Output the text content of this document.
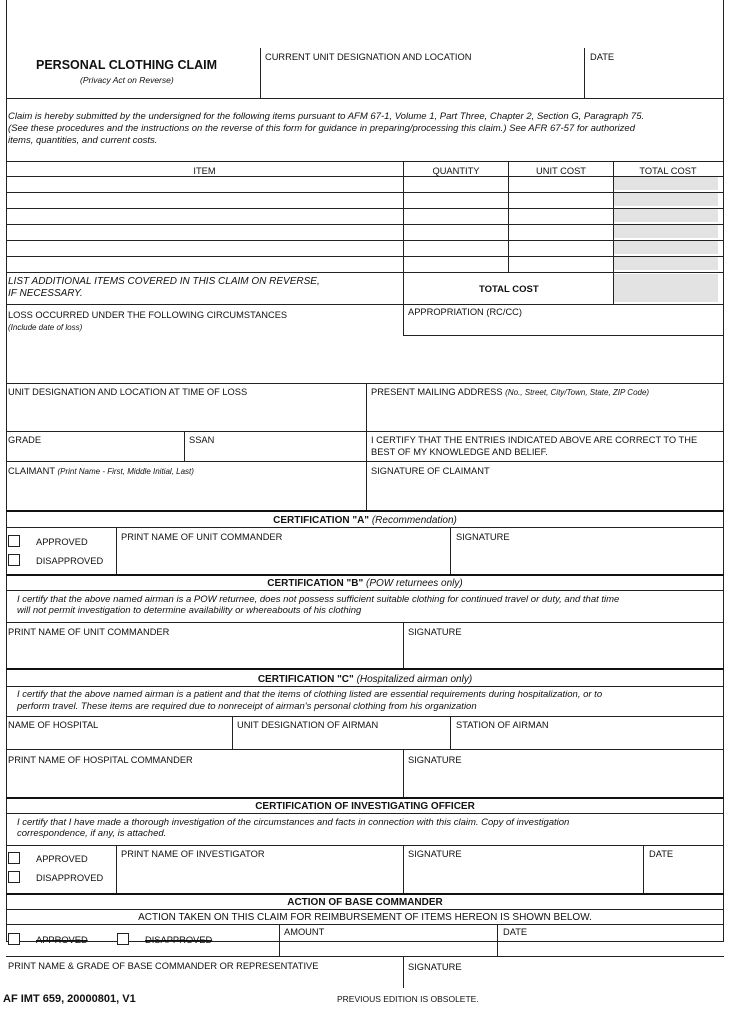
PERSONAL CLOTHING CLAIM
(Privacy Act on Reverse)
CURRENT UNIT DESIGNATION AND LOCATION	DATE
Claim is hereby submitted by the undersigned for the following items pursuant to AFM 67-1, Volume 1, Part Three, Chapter 2, Section G, Paragraph 75.
(See these procedures and the instructions on the reverse of this form for guidance in preparing/processing this claim.) See AFR 67-57 for authorized
items, quantities, and current costs.
ITEM	QUANTITY	UNIT COST	TOTAL COST
LIST ADDITIONAL ITEMS COVERED IN THIS CLAIM ON REVERSE,
IF NECESSARY.	TOTAL COST
LOSS OCCURRED UNDER THE FOLLOWING CIRCUMSTANCES
(Include date of loss)
APPROPRIATION (RC/CC)
UNIT DESIGNATION AND LOCATION AT TIME OF LOSS	PRESENT MAILING ADDRESS (No., Street, City/Town, State, ZIP Code)
GRADE	SSAN	I CERTIFY THAT THE ENTRIES INDICATED ABOVE ARE CORRECT TO THE
BEST OF MY KNOWLEDGE AND BELIEF.
CLAIMANT (Print Name - First, Middle Initial, Last)	SIGNATURE OF CLAIMANT
CERTIFICATION "A" (Recommendation)
APPROVED
DISAPPROVED
PRINT NAME OF UNIT COMMANDER	SIGNATURE
CERTIFICATION "B" (POW returnees only)
I certify that the above named airman is a POW returnee, does not possess sufficient suitable clothing for continued travel or duty, and that time
will not permit investigation to determine availability or whereabouts of his clothing
PRINT NAME OF UNIT COMMANDER	SIGNATURE
CERTIFICATION "C" (Hospitalized airman only)
I certify that the above named airman is a patient and that the items of clothing listed are essential requirements during hospitalization, or to
perform travel. These items are required due to nonreceipt of airman's personal clothing from his organization
NAME OF HOSPITAL	UNIT DESIGNATION OF AIRMAN	STATION OF AIRMAN
PRINT NAME OF HOSPITAL COMMANDER	SIGNATURE
CERTIFICATION OF INVESTIGATING OFFICER
I certify that I have made a thorough investigation of the circumstances and facts in connection with this claim. Copy of investigation
correspondence, if any, is attached.
APPROVED
DISAPPROVED
PRINT NAME OF INVESTIGATOR	SIGNATURE	DATE
ACTION OF BASE COMMANDER
ACTION TAKEN ON THIS CLAIM FOR REIMBURSEMENT OF ITEMS HEREON IS SHOWN BELOW.
APPROVED	DISAPPROVED
AMOUNT	DATE
PRINT NAME & GRADE OF BASE COMMANDER OR REPRESENTATIVE	SIGNATURE
AF IMT 659, 20000801, V1	PREVIOUS EDITION IS OBSOLETE.
